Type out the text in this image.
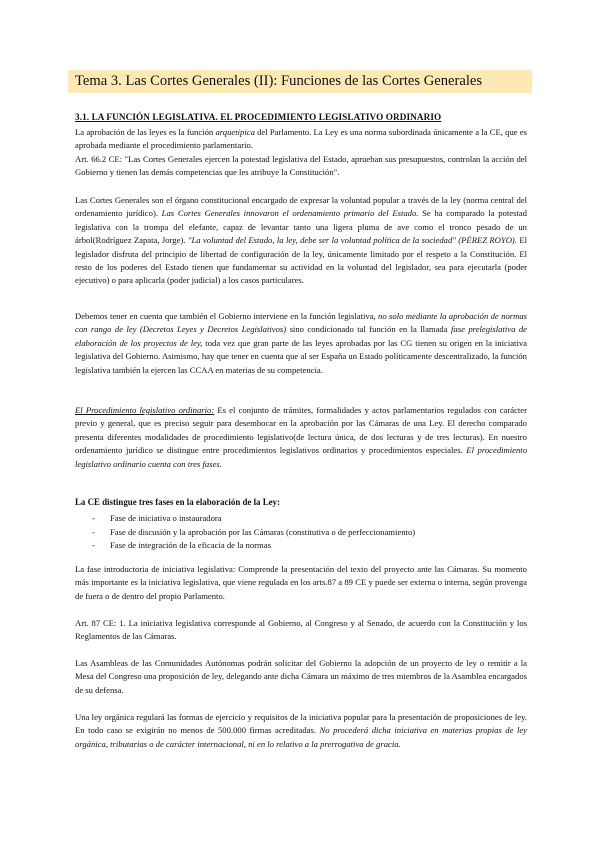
Tema 3. Las Cortes Generales (II): Funciones de las Cortes Generales
3.1. LA FUNCIÓN LEGISLATIVA. EL PROCEDIMIENTO LEGISLATIVO ORDINARIO

La aprobación de las leyes es la función arquetípica del Parlamento. La Ley es una norma subordinada únicamente a la CE, que es aprobada mediante el procedimiento parlamentario.

Art. 66.2 CE: "Las Cortes Generales ejercen la potestad legislativa del Estado, aprueban sus presupuestos, controlan la acción del Gobierno y tienen las demás competencias que les atribuye la Constitución".

Las Cortes Generales son el órgano constitucional encargado de expresar la voluntad popular a través de la ley (norma central del ordenamiento jurídico). Las Cortes Generales innovaron el ordenamiento primario del Estado. Se ha comparado la potestad legislativa con la trompa del elefante, capaz de levantar tanto una ligera pluma de ave como el tronco pesado de un árbol(Rodríguez Zapata, Jorge). "La voluntad del Estado, la ley, debe ser la voluntad política de la sociedad" (PÉREZ ROYO). El legislador disfruta del principio de libertad de configuración de la ley, únicamente limitado por el respeto a la Constitución. El resto de los poderes del Estado tienen que fundamentar su actividad en la voluntad del legislador, sea para ejecutarla (poder ejecutivo) o para aplicarla (poder judicial) a los casos particulares.

Debemos tener en cuenta que también el Gobierno interviene en la función legislativa, no solo mediante la aprobación de normas con rango de ley (Decretos Leyes y Decretos Legislativos) sino condicionado tal función en la llamada fase prelegislativa de elaboración de los proyectos de ley, toda vez que gran parte de las leyes aprobadas por las CG tienen su origen en la iniciativa legislativa del Gobierno. Asimismo, hay que tener en cuenta que al ser España un Estado políticamente descentralizado, la función legislativa también la ejercen las CCAA en materias de su competencia.

El Procedimiento legislativo ordinario: Es el conjunto de trámites, formalidades y actos parlamentarios regulados con carácter previo y general, que es preciso seguir para desembocar en la aprobación por las Cámaras de una Ley. El derecho comparado presenta diferentes modalidades de procedimiento legislativo(de lectura única, de dos lecturas y de tres lecturas). En nuestro ordenamiento jurídico se distingue entre procedimientos legislativos ordinarios y procedimientos especiales. El procedimiento legislativo ordinario cuenta con tres fases.

La CE distingue tres fases en la elaboración de la Ley:
- Fase de iniciativa o instauradora
- Fase de discusión y la aprobación por las Cámaras (constitutiva o de perfeccionamiento)
- Fase de integración de la eficacia de la normas

La fase introductoria de iniciativa legislativa: Comprende la presentación del texto del proyecto ante las Cámaras. Su momento más importante es la iniciativa legislativa, que viene regulada en los arts.87 a 89 CE y puede ser externa o interna, según provenga de fuera o de dentro del propio Parlamento.

Art. 87 CE: 1. La iniciativa legislativa corresponde al Gobierno, al Congreso y al Senado, de acuerdo con la Constitución y los Reglamentos de las Cámaras.

Las Asambleas de las Comunidades Autónomas podrán solicitar del Gobierno la adopción de un proyecto de ley o remitir a la Mesa del Congreso una proposición de ley, delegando ante dicha Cámara un máximo de tres miembros de la Asamblea encargados de su defensa.

Una ley orgánica regulará las formas de ejercicio y requisitos de la iniciativa popular para la presentación de proposiciones de ley. En todo caso se exigirán no menos de 500.000 firmas acreditadas. No procederá dicha iniciativa en materias propias de ley orgánica, tributarias o de carácter internacional, ni en lo relativo a la prerrogativa de gracia.
